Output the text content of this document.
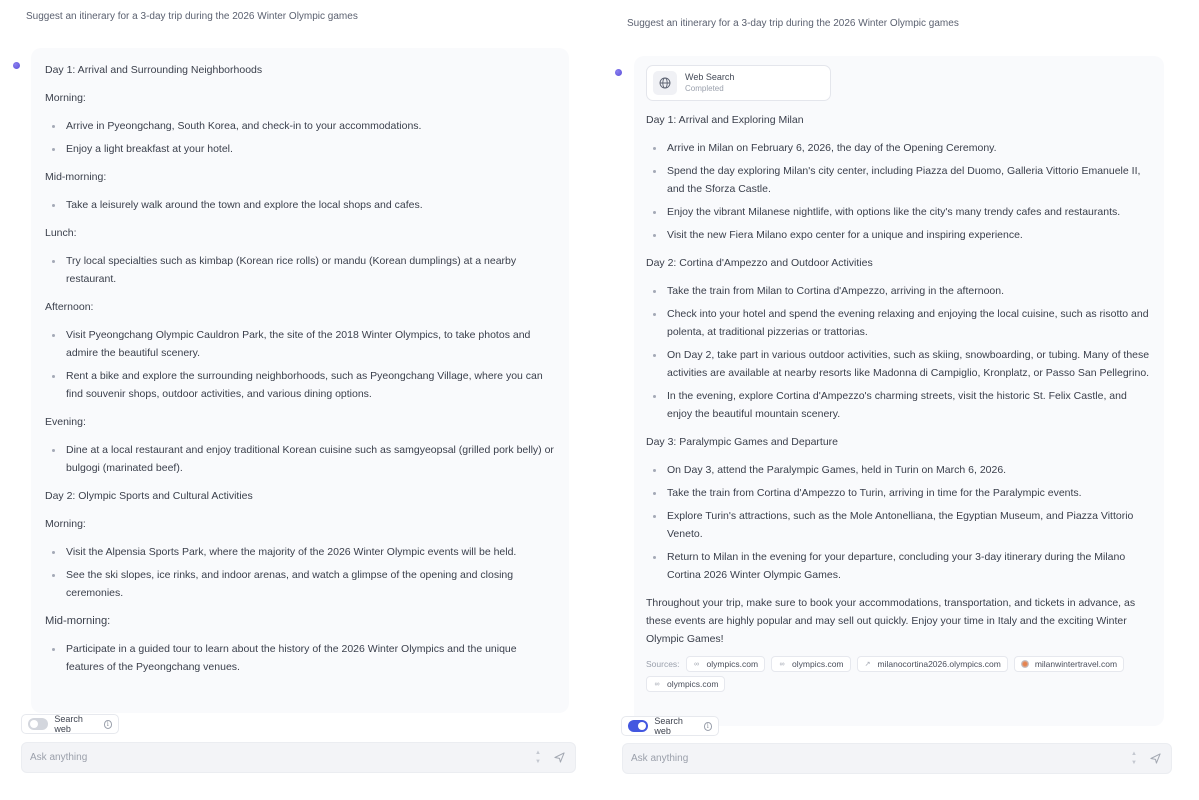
Suggest an itinerary for a 3-day trip during the 2026 Winter Olympic games
Day 1: Arrival and Surrounding Neighborhoods
Morning:
Arrive in Pyeongchang, South Korea, and check-in to your accommodations.
Enjoy a light breakfast at your hotel.
Mid-morning:
Take a leisurely walk around the town and explore the local shops and cafes.
Lunch:
Try local specialties such as kimbap (Korean rice rolls) or mandu (Korean dumplings) at a nearby restaurant.
Afternoon:
Visit Pyeongchang Olympic Cauldron Park, the site of the 2018 Winter Olympics, to take photos and admire the beautiful scenery.
Rent a bike and explore the surrounding neighborhoods, such as Pyeongchang Village, where you can find souvenir shops, outdoor activities, and various dining options.
Evening:
Dine at a local restaurant and enjoy traditional Korean cuisine such as samgyeopsal (grilled pork belly) or bulgogi (marinated beef).
Day 2: Olympic Sports and Cultural Activities
Morning:
Visit the Alpensia Sports Park, where the majority of the 2026 Winter Olympic events will be held.
See the ski slopes, ice rinks, and indoor arenas, and watch a glimpse of the opening and closing ceremonies.
Mid-morning:
Participate in a guided tour to learn about the history of the 2026 Winter Olympics and the unique features of the Pyeongchang venues.
Search web	i
Ask anything
▲
▼
Suggest an itinerary for a 3-day trip during the 2026 Winter Olympic games
Web Search
Completed
Day 1: Arrival and Exploring Milan
Arrive in Milan on February 6, 2026, the day of the Opening Ceremony.
Spend the day exploring Milan's city center, including Piazza del Duomo, Galleria Vittorio Emanuele II, and the Sforza Castle.
Enjoy the vibrant Milanese nightlife, with options like the city's many trendy cafes and restaurants.
Visit the new Fiera Milano expo center for a unique and inspiring experience.
Day 2: Cortina d'Ampezzo and Outdoor Activities
Take the train from Milan to Cortina d'Ampezzo, arriving in the afternoon.
Check into your hotel and spend the evening relaxing and enjoying the local cuisine, such as risotto and polenta, at traditional pizzerias or trattorias.
On Day 2, take part in various outdoor activities, such as skiing, snowboarding, or tubing. Many of these activities are available at nearby resorts like Madonna di Campiglio, Kronplatz, or Passo San Pellegrino.
In the evening, explore Cortina d'Ampezzo's charming streets, visit the historic St. Felix Castle, and enjoy the beautiful mountain scenery.
Day 3: Paralympic Games and Departure
On Day 3, attend the Paralympic Games, held in Turin on March 6, 2026.
Take the train from Cortina d'Ampezzo to Turin, arriving in time for the Paralympic events.
Explore Turin's attractions, such as the Mole Antonelliana, the Egyptian Museum, and Piazza Vittorio Veneto.
Return to Milan in the evening for your departure, concluding your 3-day itinerary during the Milano Cortina 2026 Winter Olympic Games.
Throughout your trip, make sure to book your accommodations, transportation, and tickets in advance, as these events are highly popular and may sell out quickly. Enjoy your time in Italy and the exciting Winter Olympic Games!
Sources: ∞ olympics.com	∞ olympics.com	↗ milanocortina2026.olympics.com	milanwintertravel.com
∞ olympics.com
Search web	i
Ask anything
▲
▼
